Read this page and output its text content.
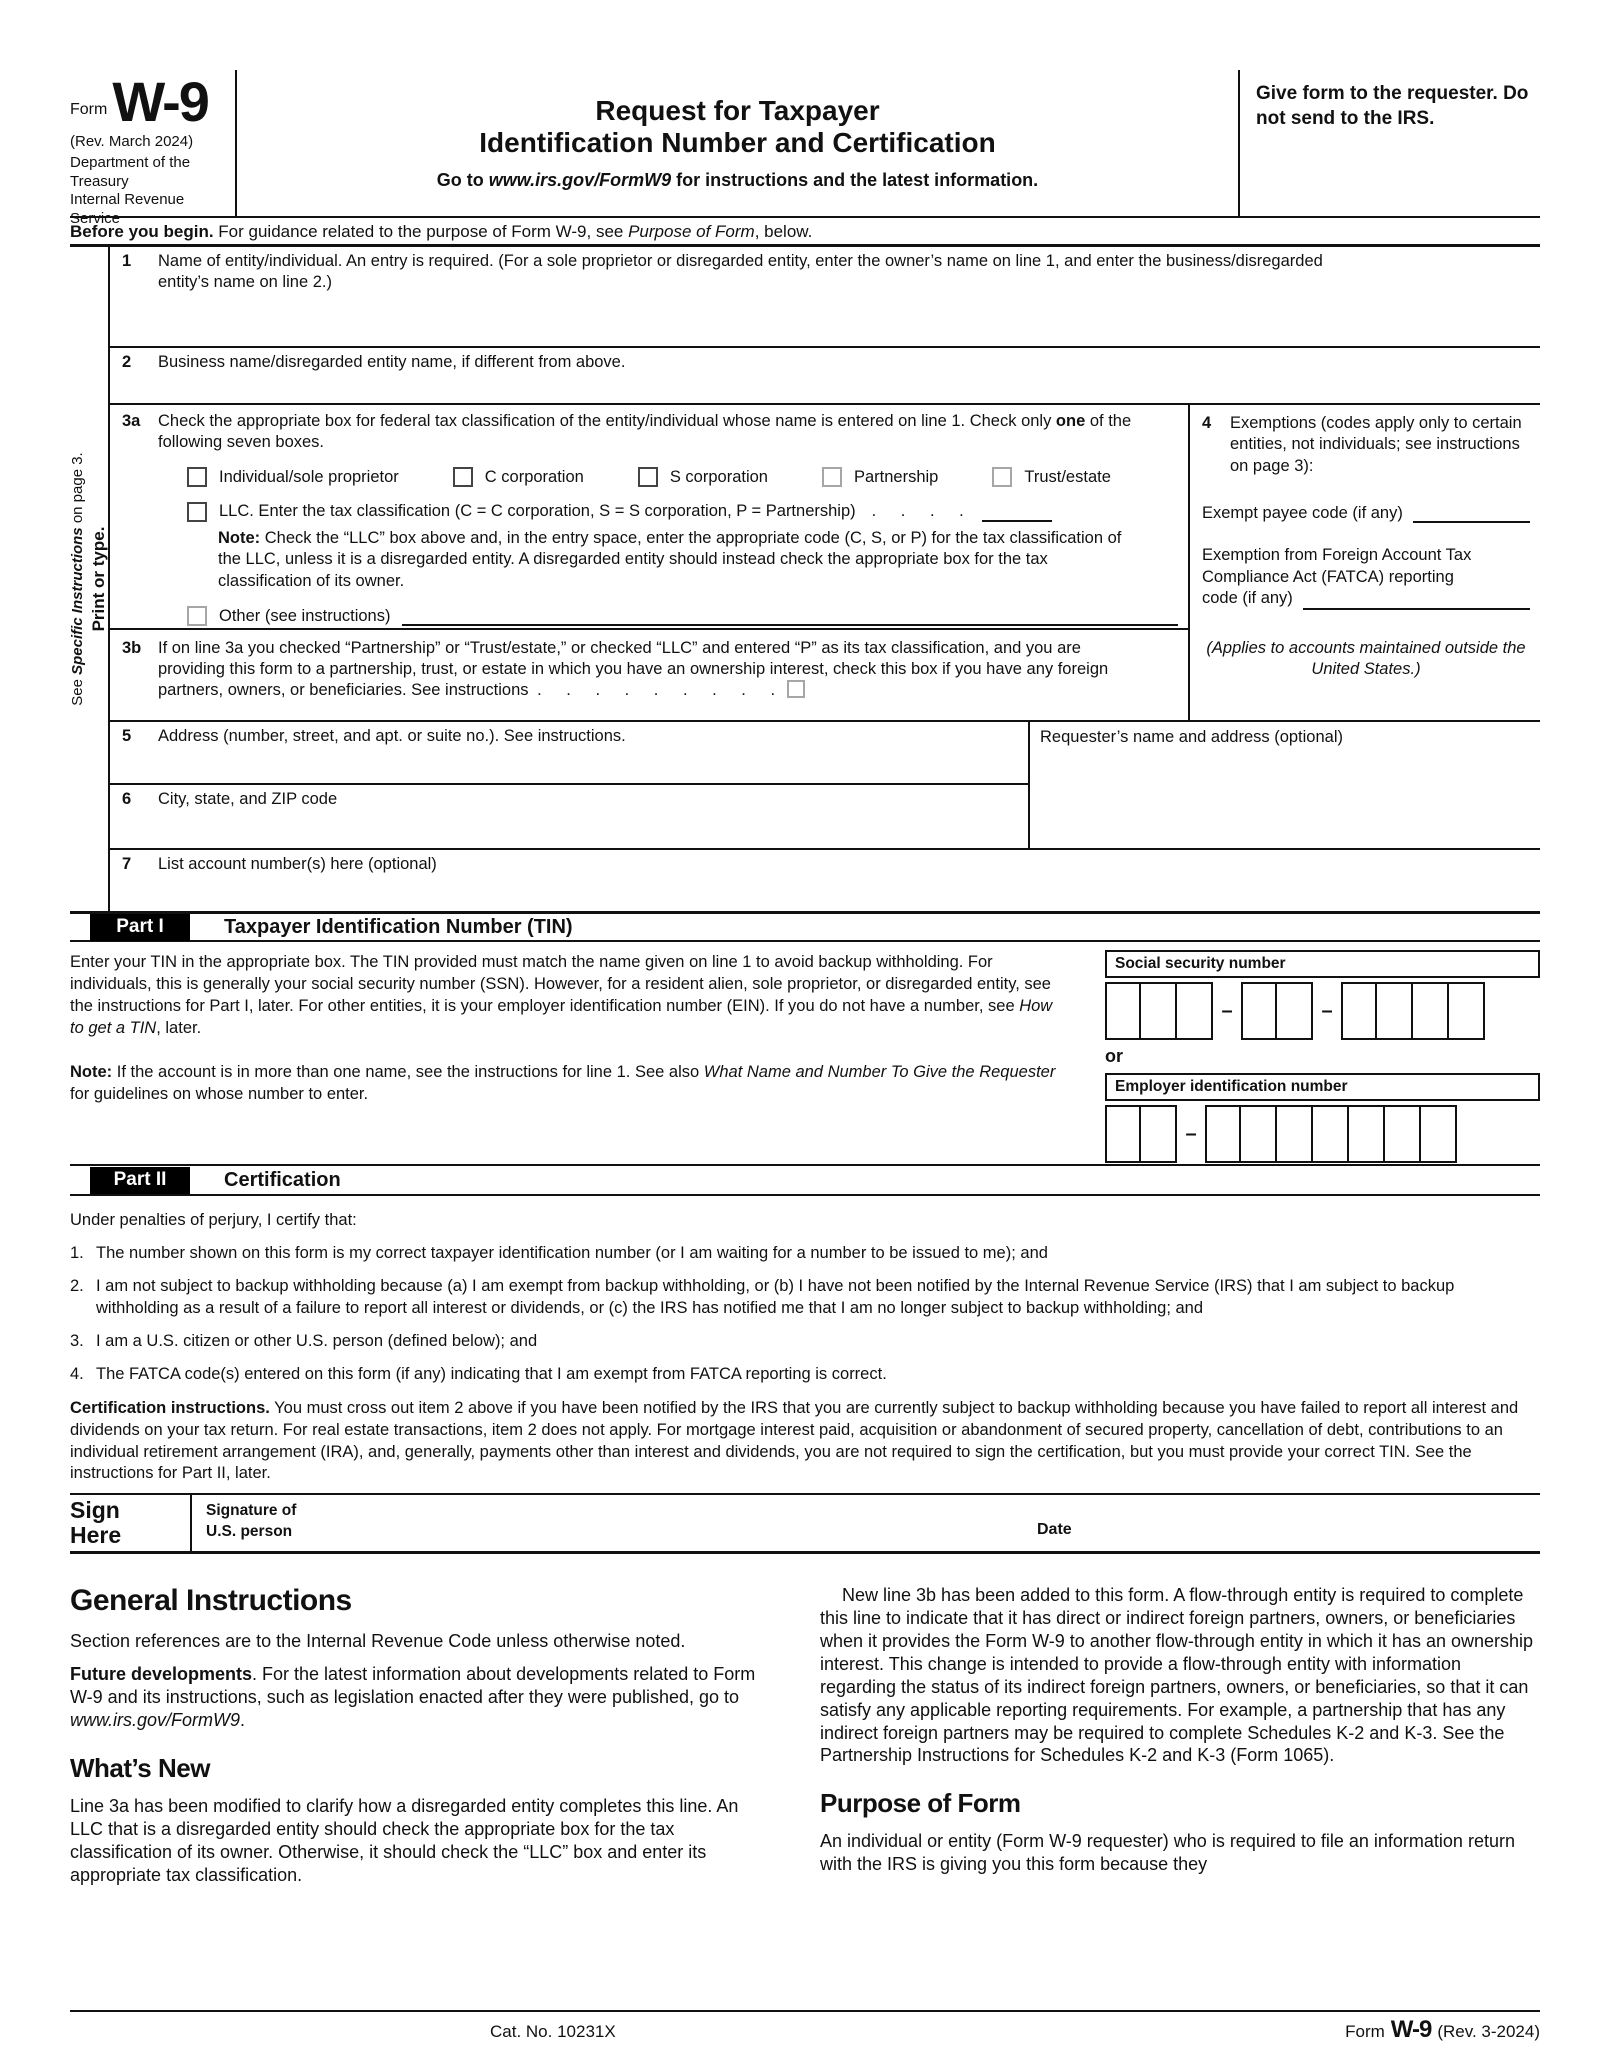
Form W-9
(Rev. March 2024)
Department of the Treasury
Internal Revenue Service
Request for Taxpayer
Identification Number and Certification
Go to www.irs.gov/FormW9 for instructions and the latest information.
Give form to the requester. Do not send to the IRS.
Before you begin. For guidance related to the purpose of Form W-9, see Purpose of Form, below.
See Specific Instructions on page 3.
Print or type.
1	Name of entity/individual. An entry is required. (For a sole proprietor or disregarded entity, enter the owner’s name on line 1, and enter the business/disregarded entity’s name on line 2.)
2	Business name/disregarded entity name, if different from above.
3a	Check the appropriate box for federal tax classification of the entity/individual whose name is entered on line 1. Check only one of the following seven boxes.
Individual/sole proprietor	C corporation	S corporation	Partnership	Trust/estate
LLC. Enter the tax classification (C = C corporation, S = S corporation, P = Partnership) . . . .
Note: Check the “LLC” box above and, in the entry space, enter the appropriate code (C, S, or P) for the tax classification of the LLC, unless it is a disregarded entity. A disregarded entity should instead check the appropriate box for the tax classification of its owner.
Other (see instructions)
3b	If on line 3a you checked “Partnership” or “Trust/estate,” or checked “LLC” and entered “P” as its tax classification, and you are providing this form to a partnership, trust, or estate in which you have an ownership interest, check this box if you have any foreign partners, owners, or beneficiaries. See instructions . . . . . . . . .
4	Exemptions (codes apply only to certain entities, not individuals; see instructions on page 3):
Exempt payee code (if any)
Exemption from Foreign Account Tax Compliance Act (FATCA) reporting
code (if any)
(Applies to accounts maintained outside the United States.)
5	Address (number, street, and apt. or suite no.). See instructions.
6	City, state, and ZIP code
Requester’s name and address (optional)
7	List account number(s) here (optional)
Part I	Taxpayer Identification Number (TIN)
Enter your TIN in the appropriate box. The TIN provided must match the name given on line 1 to avoid backup withholding. For individuals, this is generally your social security number (SSN). However, for a resident alien, sole proprietor, or disregarded entity, see the instructions for Part I, later. For other entities, it is your employer identification number (EIN). If you do not have a number, see How to get a TIN, later.
Note: If the account is in more than one name, see the instructions for line 1. See also What Name and Number To Give the Requester for guidelines on whose number to enter.
Social security number
–	–
or
Employer identification number
–
Part II	Certification
Under penalties of perjury, I certify that:
1. The number shown on this form is my correct taxpayer identification number (or I am waiting for a number to be issued to me); and
2. I am not subject to backup withholding because (a) I am exempt from backup withholding, or (b) I have not been notified by the Internal Revenue Service (IRS) that I am subject to backup withholding as a result of a failure to report all interest or dividends, or (c) the IRS has notified me that I am no longer subject to backup withholding; and
3. I am a U.S. citizen or other U.S. person (defined below); and
4. The FATCA code(s) entered on this form (if any) indicating that I am exempt from FATCA reporting is correct.
Certification instructions. You must cross out item 2 above if you have been notified by the IRS that you are currently subject to backup withholding because you have failed to report all interest and dividends on your tax return. For real estate transactions, item 2 does not apply. For mortgage interest paid, acquisition or abandonment of secured property, cancellation of debt, contributions to an individual retirement arrangement (IRA), and, generally, payments other than interest and dividends, you are not required to sign the certification, but you must provide your correct TIN. See the instructions for Part II, later.
Sign
Here
Signature of
U.S. person	Date
General Instructions

Section references are to the Internal Revenue Code unless otherwise noted.

Future developments. For the latest information about developments related to Form W-9 and its instructions, such as legislation enacted after they were published, go to www.irs.gov/FormW9.

What’s New

Line 3a has been modified to clarify how a disregarded entity completes this line. An LLC that is a disregarded entity should check the appropriate box for the tax classification of its owner. Otherwise, it should check the “LLC” box and enter its appropriate tax classification.

New line 3b has been added to this form. A flow-through entity is required to complete this line to indicate that it has direct or indirect foreign partners, owners, or beneficiaries when it provides the Form W-9 to another flow-through entity in which it has an ownership interest. This change is intended to provide a flow-through entity with information regarding the status of its indirect foreign partners, owners, or beneficiaries, so that it can satisfy any applicable reporting requirements. For example, a partnership that has any indirect foreign partners may be required to complete Schedules K-2 and K-3. See the Partnership Instructions for Schedules K-2 and K-3 (Form 1065).

Purpose of Form

An individual or entity (Form W-9 requester) who is required to file an information return with the IRS is giving you this form because they

Cat. No. 10231X	Form W-9 (Rev. 3-2024)
